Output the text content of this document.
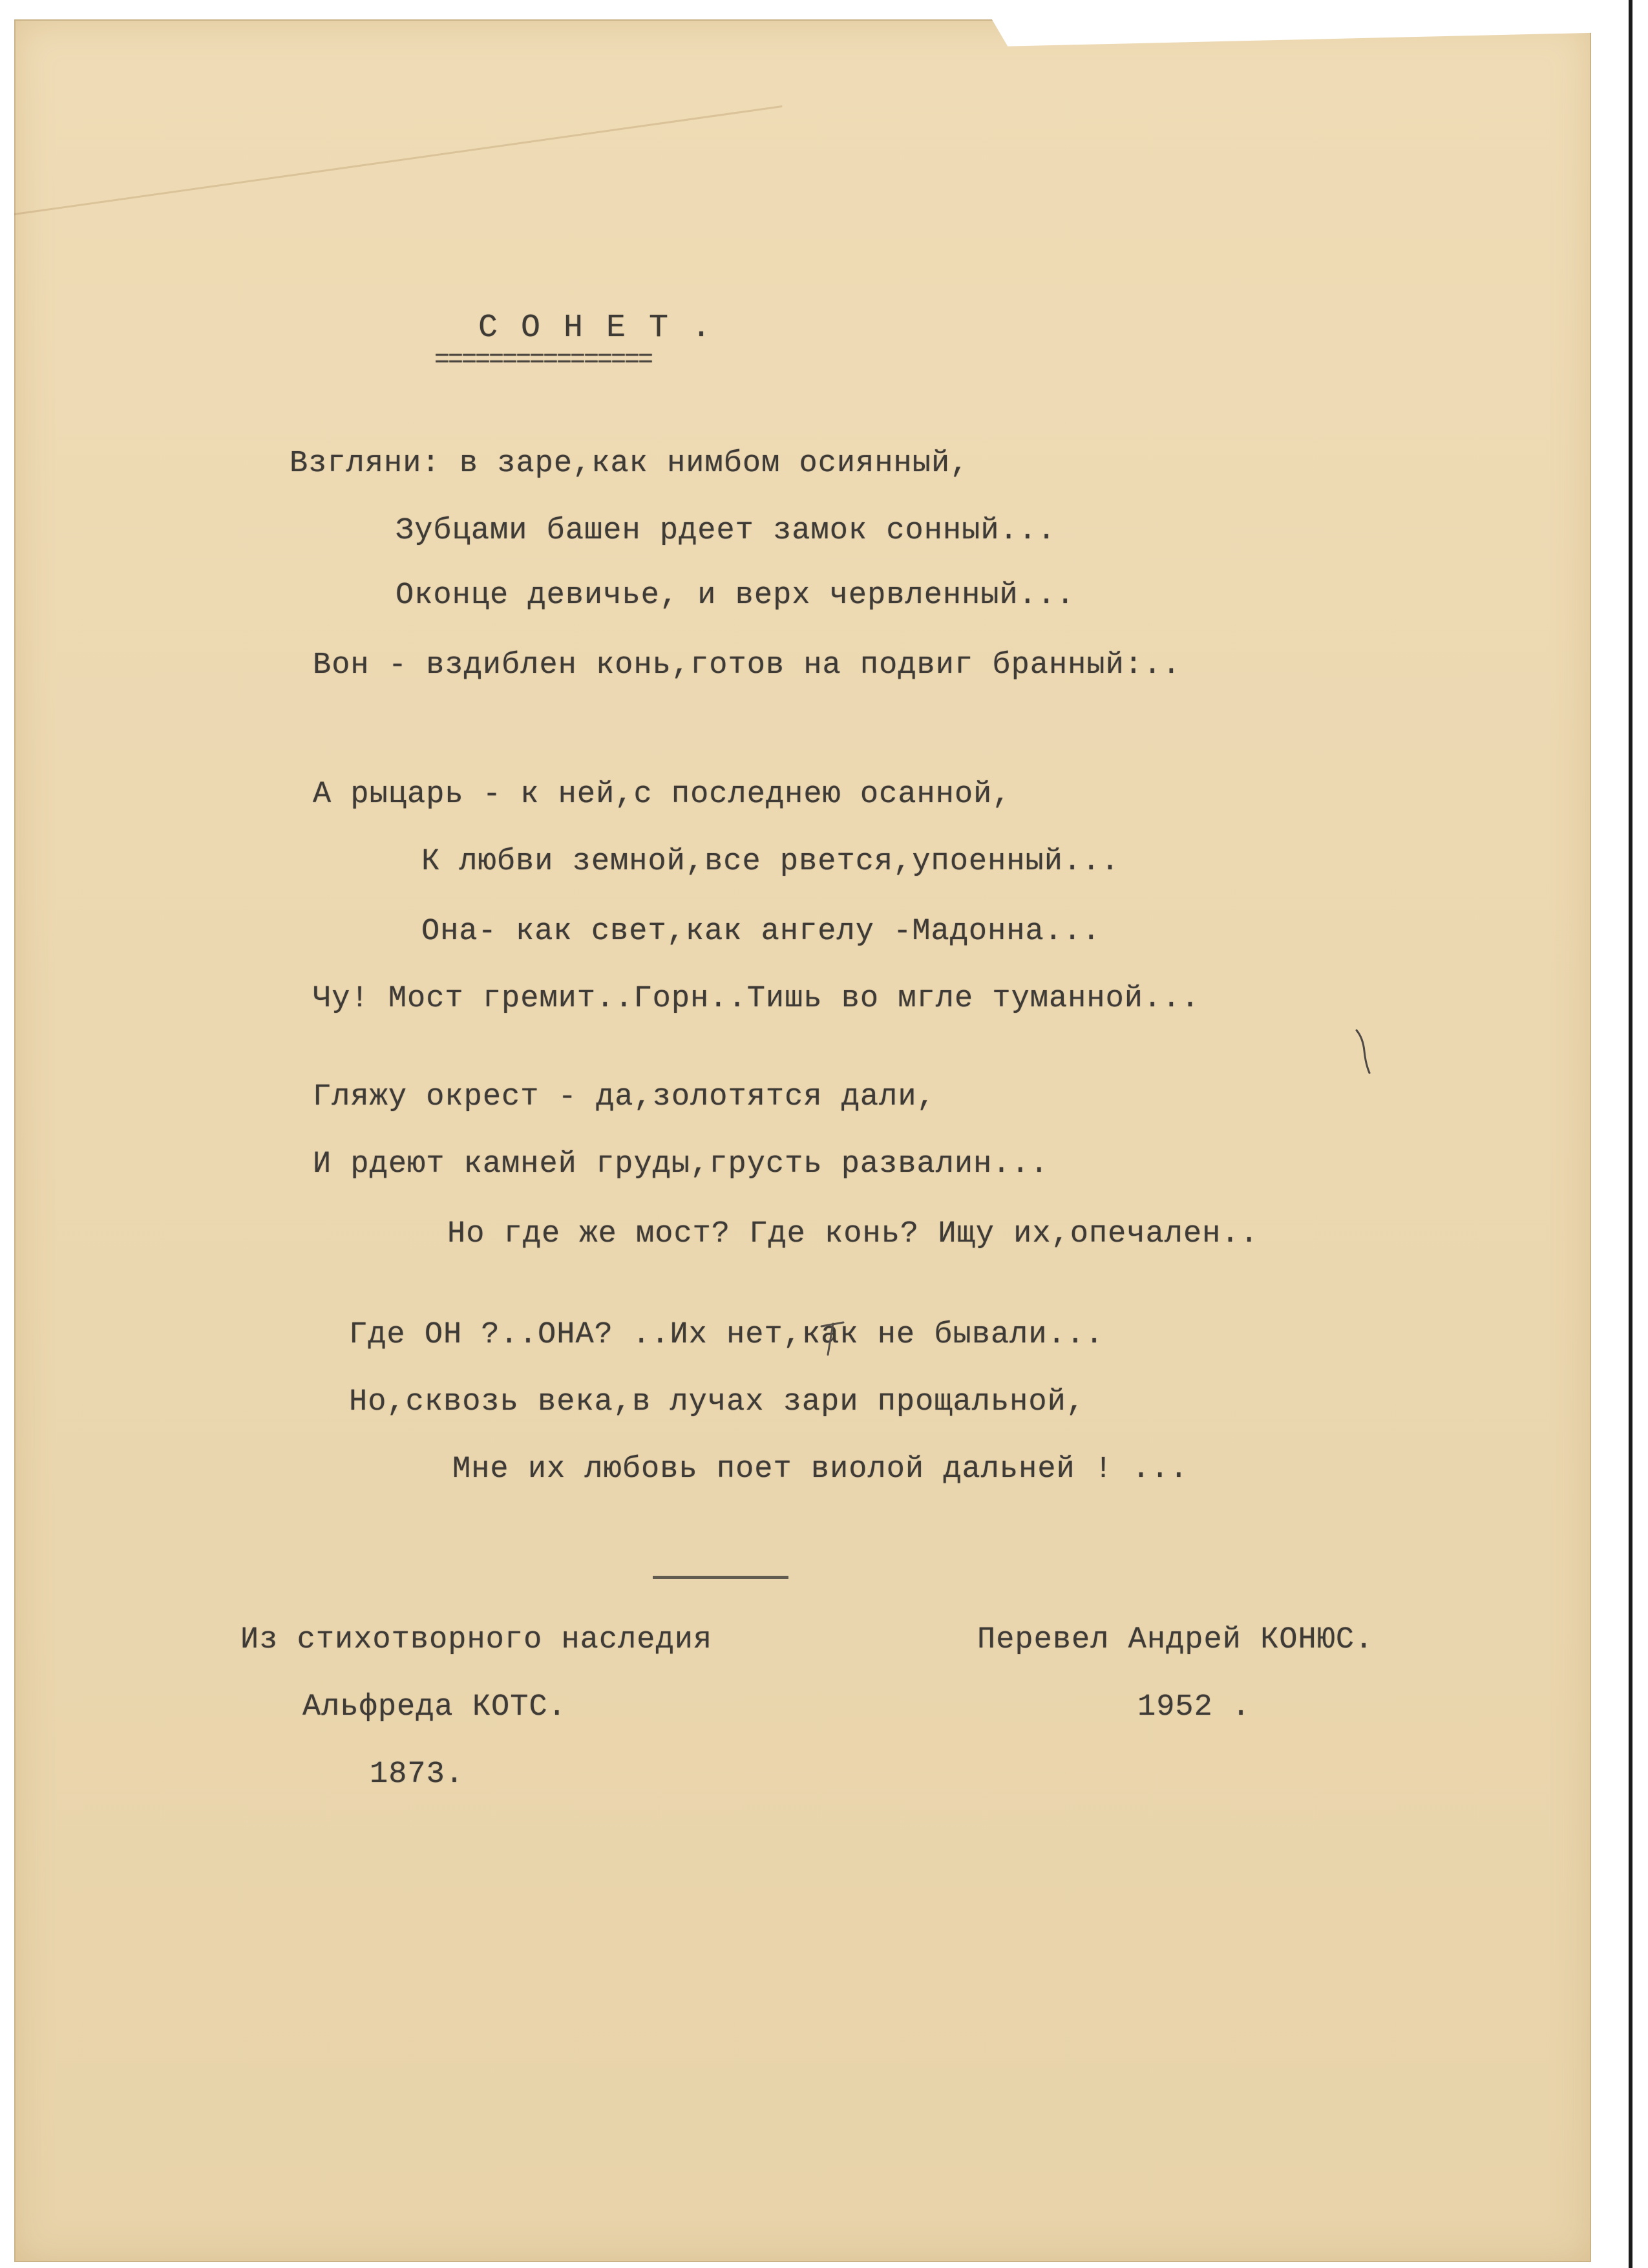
С О Н Е Т .
================
Взгляни: в заре,как нимбом осиянный,
Зубцами башен рдеет замок сонный...
Оконце девичье, и верх червленный...
Вон - вздиблен конь,готов на подвиг бранный:..
А рыцарь - к ней,с последнею осанной,
К любви земной,все рвется,упоенный...
Она- как свет,как ангелу -Мадонна...
Чу! Мост гремит..Горн..Тишь во мгле туманной...
Гляжу окрест - да,золотятся дали,
И рдеют камней груды,грусть развалин...
Но где же мост? Где конь? Ищу их,опечален..
Где ОН ?..ОНА? ..Их нет,как не бывали...
Но,сквозь века,в лучах зари прощальной,
Мне их любовь поет виолой дальней ! ...
Из стихотворного наследия
Альфреда КОТС.
1873.
Перевел Андрей КОНЮС.
1952 .
